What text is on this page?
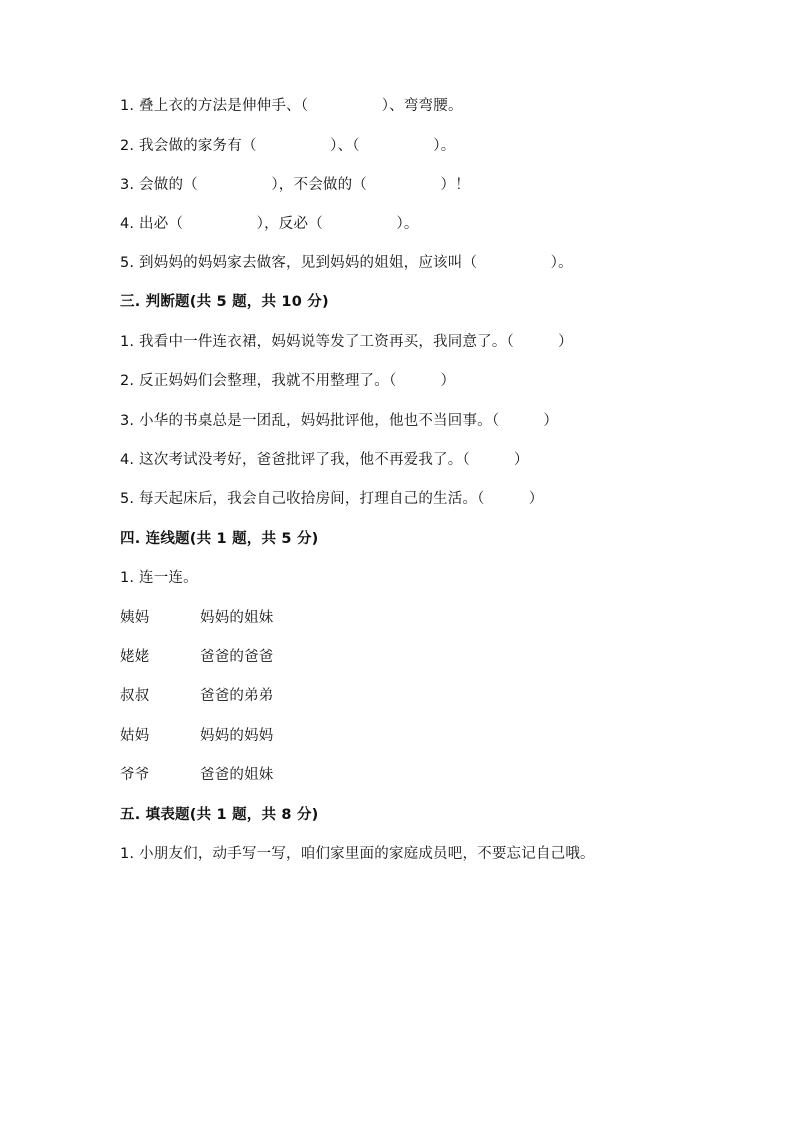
1. 叠上衣的方法是伸伸手、（　　　　　）、弯弯腰。
2. 我会做的家务有（　　　　　）、（　　　　　）。
3. 会做的（　　　　　），不会做的（　　　　　）！
4. 出必（　　　　　），反必（　　　　　）。
5. 到妈妈的妈妈家去做客，见到妈妈的姐姐，应该叫（　　　　　）。
三. 判断题(共 5 题，共 10 分)
1. 我看中一件连衣裙，妈妈说等发了工资再买，我同意了。（　　　）
2. 反正妈妈们会整理，我就不用整理了。（　　　）
3. 小华的书桌总是一团乱，妈妈批评他，他也不当回事。（　　　）
4. 这次考试没考好，爸爸批评了我，他不再爱我了。（　　　）
5. 每天起床后，我会自己收拾房间，打理自己的生活。（　　　）
四. 连线题(共 1 题，共 5 分)
1. 连一连。
姨妈	妈妈的姐妹
姥姥	爸爸的爸爸
叔叔	爸爸的弟弟
姑妈	妈妈的妈妈
爷爷	爸爸的姐妹
五. 填表题(共 1 题，共 8 分)
1. 小朋友们，动手写一写，咱们家里面的家庭成员吧，不要忘记自己哦。
